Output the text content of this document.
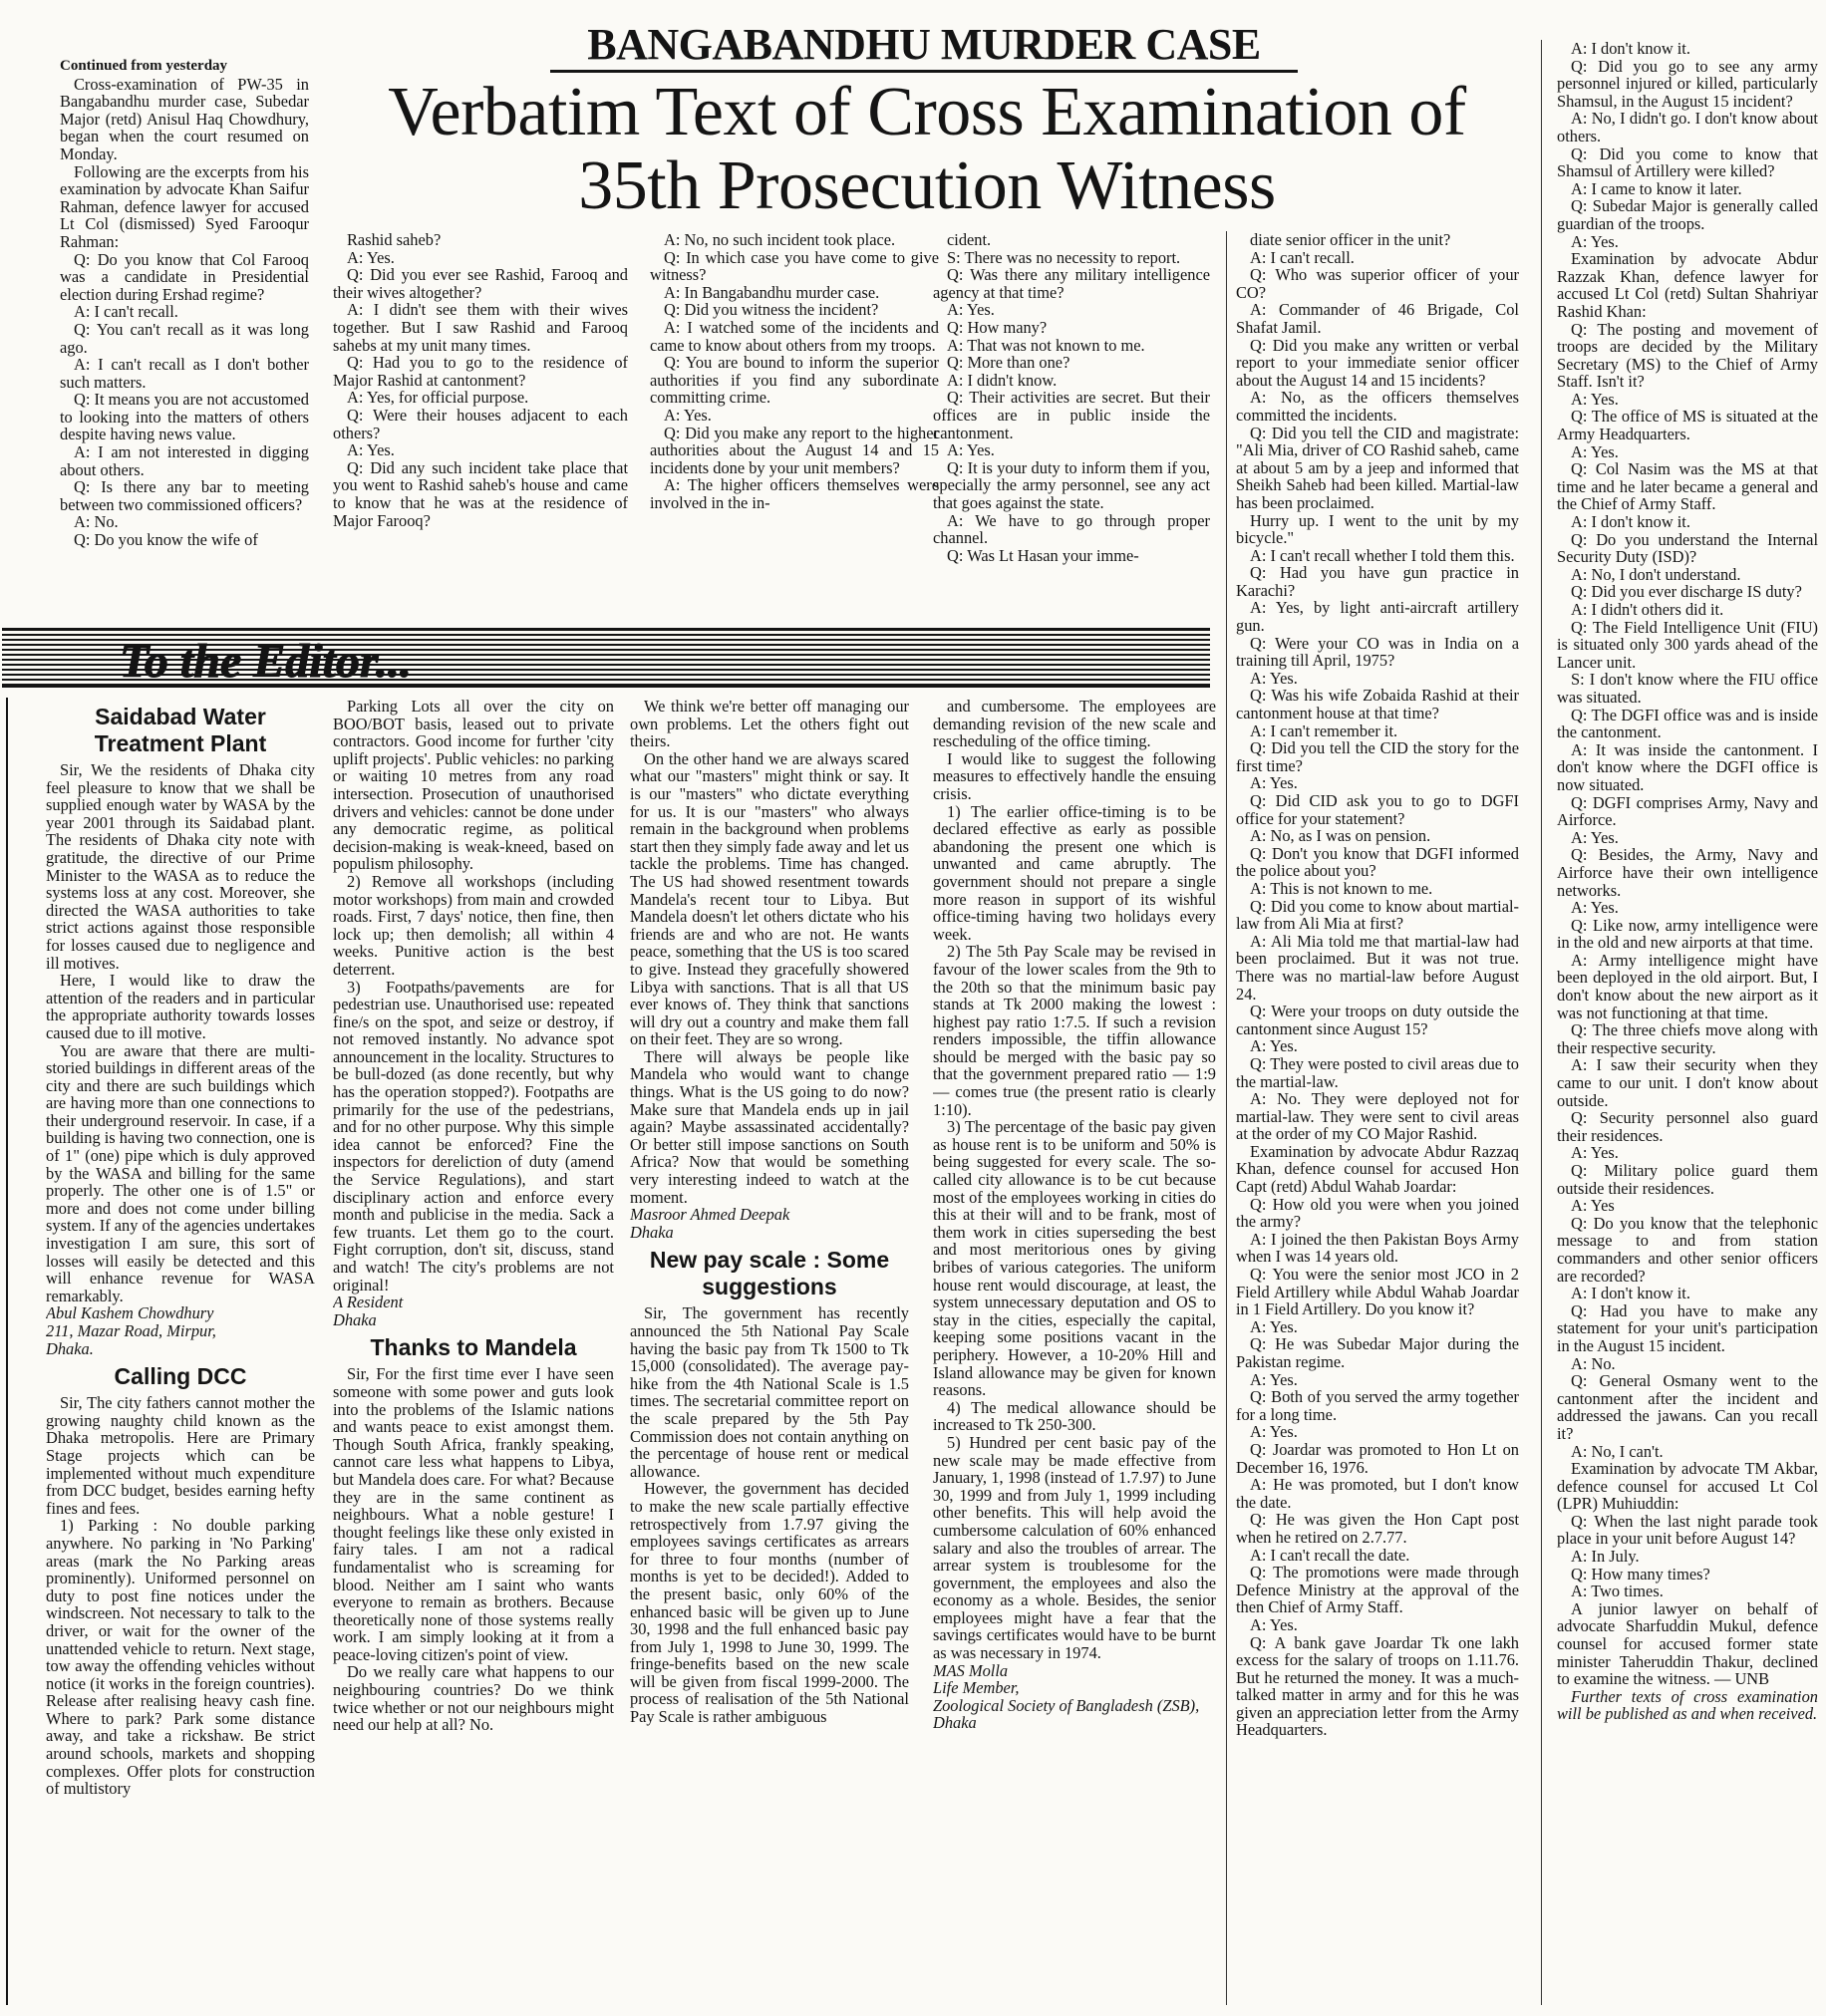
BANGABANDHU MURDER CASE
Verbatim Text of Cross Examination of 35th Prosecution Witness

Continued from yesterday

Cross-examination of PW-35 in Bangabandhu murder case, Subedar Major (retd) Anisul Haq Chowdhury, began when the court resumed on Monday.

Following are the excerpts from his examination by advocate Khan Saifur Rahman, defence lawyer for accused Lt Col (dismissed) Syed Farooqur Rahman:

Q: Do you know that Col Farooq was a candidate in Presidential election during Ershad regime?

A: I can't recall.

Q: You can't recall as it was long ago.

A: I can't recall as I don't bother such matters.

Q: It means you are not accustomed to looking into the matters of others despite having news value.

A: I am not interested in digging about others.

Q: Is there any bar to meeting between two commissioned officers?

A: No.

Q: Do you know the wife of

Rashid saheb?

A: Yes.

Q: Did you ever see Rashid, Farooq and their wives altogether?

A: I didn't see them with their wives together. But I saw Rashid and Farooq sahebs at my unit many times.

Q: Had you to go to the residence of Major Rashid at cantonment?

A: Yes, for official purpose.

Q: Were their houses adjacent to each others?

A: Yes.

Q: Did any such incident take place that you went to Rashid saheb's house and came to know that he was at the residence of Major Farooq?

A: No, no such incident took place.

Q: In which case you have come to give witness?

A: In Bangabandhu murder case.

Q: Did you witness the incident?

A: I watched some of the incidents and came to know about others from my troops.

Q: You are bound to inform the superior authorities if you find any subordinate committing crime.

A: Yes.

Q: Did you make any report to the higher authorities about the August 14 and 15 incidents done by your unit members?

A: The higher officers themselves were involved in the in-

cident.

S: There was no necessity to report.

Q: Was there any military intelligence agency at that time?

A: Yes.

Q: How many?

A: That was not known to me.

Q: More than one?

A: I didn't know.

Q: Their activities are secret. But their offices are in public inside the cantonment.

A: Yes.

Q: It is your duty to inform them if you, specially the army personnel, see any act that goes against the state.

A: We have to go through proper channel.

Q: Was Lt Hasan your imme-

diate senior officer in the unit?

A: I can't recall.

Q: Who was superior officer of your CO?

A: Commander of 46 Brigade, Col Shafat Jamil.

Q: Did you make any written or verbal report to your immediate senior officer about the August 14 and 15 incidents?

A: No, as the officers themselves committed the incidents.

Q: Did you tell the CID and magistrate: "Ali Mia, driver of CO Rashid saheb, came at about 5 am by a jeep and informed that Sheikh Saheb had been killed. Martial-law has been proclaimed.

Hurry up. I went to the unit by my bicycle."

A: I can't recall whether I told them this.

Q: Had you have gun practice in Karachi?

A: Yes, by light anti-aircraft artillery gun.

Q: Were your CO was in India on a training till April, 1975?

A: Yes.

Q: Was his wife Zobaida Rashid at their cantonment house at that time?

A: I can't remember it.

Q: Did you tell the CID the story for the first time?

A: Yes.

Q: Did CID ask you to go to DGFI office for your statement?

A: No, as I was on pension.

Q: Don't you know that DGFI informed the police about you?

A: This is not known to me.

Q: Did you come to know about martial-law from Ali Mia at first?

A: Ali Mia told me that martial-law had been proclaimed. But it was not true. There was no martial-law before August 24.

Q: Were your troops on duty outside the cantonment since August 15?

A: Yes.

Q: They were posted to civil areas due to the martial-law.

A: No. They were deployed not for martial-law. They were sent to civil areas at the order of my CO Major Rashid.

Examination by advocate Abdur Razzaq Khan, defence counsel for accused Hon Capt (retd) Abdul Wahab Joardar:

Q: How old you were when you joined the army?

A: I joined the then Pakistan Boys Army when I was 14 years old.

Q: You were the senior most JCO in 2 Field Artillery while Abdul Wahab Joardar in 1 Field Artillery. Do you know it?

A: Yes.

Q: He was Subedar Major during the Pakistan regime.

A: Yes.

Q: Both of you served the army together for a long time.

A: Yes.

Q: Joardar was promoted to Hon Lt on December 16, 1976.

A: He was promoted, but I don't know the date.

Q: He was given the Hon Capt post when he retired on 2.7.77.

A: I can't recall the date.

Q: The promotions were made through Defence Ministry at the approval of the then Chief of Army Staff.

A: Yes.

Q: A bank gave Joardar Tk one lakh excess for the salary of troops on 1.11.76. But he returned the money. It was a much-talked matter in army and for this he was given an appreciation letter from the Army Headquarters.

A: I don't know it.

Q: Did you go to see any army personnel injured or killed, particularly Shamsul, in the August 15 incident?

A: No, I didn't go. I don't know about others.

Q: Did you come to know that Shamsul of Artillery were killed?

A: I came to know it later.

Q: Subedar Major is generally called guardian of the troops.

A: Yes.

Examination by advocate Abdur Razzak Khan, defence lawyer for accused Lt Col (retd) Sultan Shahriyar Rashid Khan:

Q: The posting and movement of troops are decided by the Military Secretary (MS) to the Chief of Army Staff. Isn't it?

A: Yes.

Q: The office of MS is situated at the Army Headquarters.

A: Yes.

Q: Col Nasim was the MS at that time and he later became a general and the Chief of Army Staff.

A: I don't know it.

Q: Do you understand the Internal Security Duty (ISD)?

A: No, I don't understand.

Q: Did you ever discharge IS duty?

A: I didn't others did it.

Q: The Field Intelligence Unit (FIU) is situated only 300 yards ahead of the Lancer unit.

S: I don't know where the FIU office was situated.

Q: The DGFI office was and is inside the cantonment.

A: It was inside the cantonment. I don't know where the DGFI office is now situated.

Q: DGFI comprises Army, Navy and Airforce.

A: Yes.

Q: Besides, the Army, Navy and Airforce have their own intelligence networks.

A: Yes.

Q: Like now, army intelligence were in the old and new airports at that time.

A: Army intelligence might have been deployed in the old airport. But, I don't know about the new airport as it was not functioning at that time.

Q: The three chiefs move along with their respective security.

A: I saw their security when they came to our unit. I don't know about outside.

Q: Security personnel also guard their residences.

A: Yes.

Q: Military police guard them outside their residences.

A: Yes

Q: Do you know that the telephonic message to and from station commanders and other senior officers are recorded?

A: I don't know it.

Q: Had you have to make any statement for your unit's participation in the August 15 incident.

A: No.

Q: General Osmany went to the cantonment after the incident and addressed the jawans. Can you recall it?

A: No, I can't.

Examination by advocate TM Akbar, defence counsel for accused Lt Col (LPR) Muhiuddin:

Q: When the last night parade took place in your unit before August 14?

A: In July.

Q: How many times?

A: Two times.

A junior lawyer on behalf of advocate Sharfuddin Mukul, defence counsel for accused former state minister Taheruddin Thakur, declined to examine the witness. — UNB

Further texts of cross examination will be published as and when received.

To the Editor...

Saidabad Water Treatment Plant

Sir, We the residents of Dhaka city feel pleasure to know that we shall be supplied enough water by WASA by the year 2001 through its Saidabad plant. The residents of Dhaka city note with gratitude, the directive of our Prime Minister to the WASA as to reduce the systems loss at any cost. Moreover, she directed the WASA authorities to take strict actions against those responsible for losses caused due to negligence and ill motives.

Here, I would like to draw the attention of the readers and in particular the appropriate authority towards losses caused due to ill motive.

You are aware that there are multi-storied buildings in different areas of the city and there are such buildings which are having more than one connections to their underground reservoir. In case, if a building is having two connection, one is of 1" (one) pipe which is duly approved by the WASA and billing for the same properly. The other one is of 1.5" or more and does not come under billing system. If any of the agencies undertakes investigation I am sure, this sort of losses will easily be detected and this will enhance revenue for WASA remarkably.

Abul Kashem Chowdhury

211, Mazar Road, Mirpur,

Dhaka.

Calling DCC

Sir, The city fathers cannot mother the growing naughty child known as the Dhaka metropolis. Here are Primary Stage projects which can be implemented without much expenditure from DCC budget, besides earning hefty fines and fees.

1) Parking : No double parking anywhere. No parking in 'No Parking' areas (mark the No Parking areas prominently). Uniformed personnel on duty to post fine notices under the windscreen. Not necessary to talk to the driver, or wait for the owner of the unattended vehicle to return. Next stage, tow away the offending vehicles without notice (it works in the foreign countries). Release after realising heavy cash fine. Where to park? Park some distance away, and take a rickshaw. Be strict around schools, markets and shopping complexes. Offer plots for construction of multistory

Parking Lots all over the city on BOO/BOT basis, leased out to private contractors. Good income for further 'city uplift projects'. Public vehicles: no parking or waiting 10 metres from any road intersection. Prosecution of unauthorised drivers and vehicles: cannot be done under any democratic regime, as political decision-making is weak-kneed, based on populism philosophy.

2) Remove all workshops (including motor workshops) from main and crowded roads. First, 7 days' notice, then fine, then lock up; then demolish; all within 4 weeks. Punitive action is the best deterrent.

3) Footpaths/pavements are for pedestrian use. Unauthorised use: repeated fine/s on the spot, and seize or destroy, if not removed instantly. No advance spot announcement in the locality. Structures to be bull-dozed (as done recently, but why has the operation stopped?). Footpaths are primarily for the use of the pedestrians, and for no other purpose. Why this simple idea cannot be enforced? Fine the inspectors for dereliction of duty (amend the Service Regulations), and start disciplinary action and enforce every month and publicise in the media. Sack a few truants. Let them go to the court. Fight corruption, don't sit, discuss, stand and watch! The city's problems are not original!

A Resident

Dhaka

Thanks to Mandela

Sir, For the first time ever I have seen someone with some power and guts look into the problems of the Islamic nations and wants peace to exist amongst them. Though South Africa, frankly speaking, cannot care less what happens to Libya, but Mandela does care. For what? Because they are in the same continent as neighbours. What a noble gesture! I thought feelings like these only existed in fairy tales. I am not a radical fundamentalist who is screaming for blood. Neither am I saint who wants everyone to remain as brothers. Because theoretically none of those systems really work. I am simply looking at it from a peace-loving citizen's point of view.

Do we really care what happens to our neighbouring countries? Do we think twice whether or not our neighbours might need our help at all? No.

We think we're better off managing our own problems. Let the others fight out theirs.

On the other hand we are always scared what our "masters" might think or say. It is our "masters" who dictate everything for us. It is our "masters" who always remain in the background when problems start then they simply fade away and let us tackle the problems. Time has changed. The US had showed resentment towards Mandela's recent tour to Libya. But Mandela doesn't let others dictate who his friends are and who are not. He wants peace, something that the US is too scared to give. Instead they gracefully showered Libya with sanctions. That is all that US ever knows of. They think that sanctions will dry out a country and make them fall on their feet. They are so wrong.

There will always be people like Mandela who would want to change things. What is the US going to do now? Make sure that Mandela ends up in jail again? Maybe assassinated accidentally? Or better still impose sanctions on South Africa? Now that would be something very interesting indeed to watch at the moment.

Masroor Ahmed Deepak

Dhaka

New pay scale : Some suggestions

Sir, The government has recently announced the 5th National Pay Scale having the basic pay from Tk 1500 to Tk 15,000 (consolidated). The average pay-hike from the 4th National Scale is 1.5 times. The secretarial committee report on the scale prepared by the 5th Pay Commission does not contain anything on the percentage of house rent or medical allowance.

However, the government has decided to make the new scale partially effective retrospectively from 1.7.97 giving the employees savings certificates as arrears for three to four months (number of months is yet to be decided!). Added to the present basic, only 60% of the enhanced basic will be given up to June 30, 1998 and the full enhanced basic pay from July 1, 1998 to June 30, 1999. The fringe-benefits based on the new scale will be given from fiscal 1999-2000. The process of realisation of the 5th National Pay Scale is rather ambiguous

and cumbersome. The employees are demanding revision of the new scale and rescheduling of the office timing.

I would like to suggest the following measures to effectively handle the ensuing crisis.

1) The earlier office-timing is to be declared effective as early as possible abandoning the present one which is unwanted and came abruptly. The government should not prepare a single more reason in support of its wishful office-timing having two holidays every week.

2) The 5th Pay Scale may be revised in favour of the lower scales from the 9th to the 20th so that the minimum basic pay stands at Tk 2000 making the lowest : highest pay ratio 1:7.5. If such a revision renders impossible, the tiffin allowance should be merged with the basic pay so that the government prepared ratio — 1:9 — comes true (the present ratio is clearly 1:10).

3) The percentage of the basic pay given as house rent is to be uniform and 50% is being suggested for every scale. The so-called city allowance is to be cut because most of the employees working in cities do this at their will and to be frank, most of them work in cities superseding the best and most meritorious ones by giving bribes of various categories. The uniform house rent would discourage, at least, the system unnecessary deputation and OS to stay in the cities, especially the capital, keeping some positions vacant in the periphery. However, a 10-20% Hill and Island allowance may be given for known reasons.

4) The medical allowance should be increased to Tk 250-300.

5) Hundred per cent basic pay of the new scale may be made effective from January, 1, 1998 (instead of 1.7.97) to June 30, 1999 and from July 1, 1999 including other benefits. This will help avoid the cumbersome calculation of 60% enhanced salary and also the troubles of arrear. The arrear system is troublesome for the government, the employees and also the economy as a whole. Besides, the senior employees might have a fear that the savings certificates would have to be burnt as was necessary in 1974.

MAS Molla

Life Member,

Zoological Society of Bangladesh (ZSB),

Dhaka
